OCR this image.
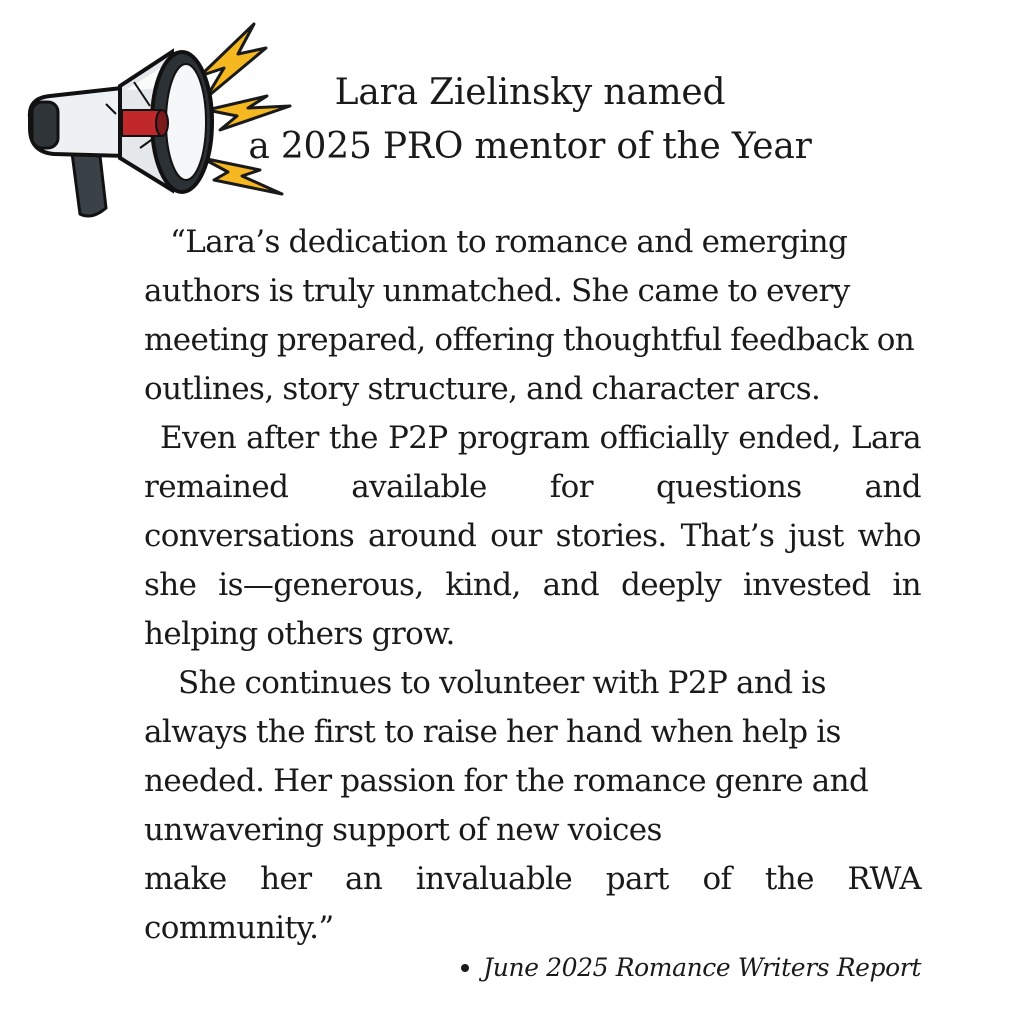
Lara Zielinsky named
a 2025 PRO mentor of the Year

“Lara’s dedication to romance and emerging authors is truly unmatched. She came to every meeting prepared, offering thoughtful feedback on outlines, story structure, and character arcs.

Even after the P2P program officially ended, Lara remained available for questions and conversations around our stories. That’s just who she is—generous, kind, and deeply invested in helping others grow.

She continues to volunteer with P2P and is always the first to raise her hand when help is needed. Her passion for the romance genre and unwavering support of new voices
make her an invaluable part of the RWA community.”

June 2025 Romance Writers Report
